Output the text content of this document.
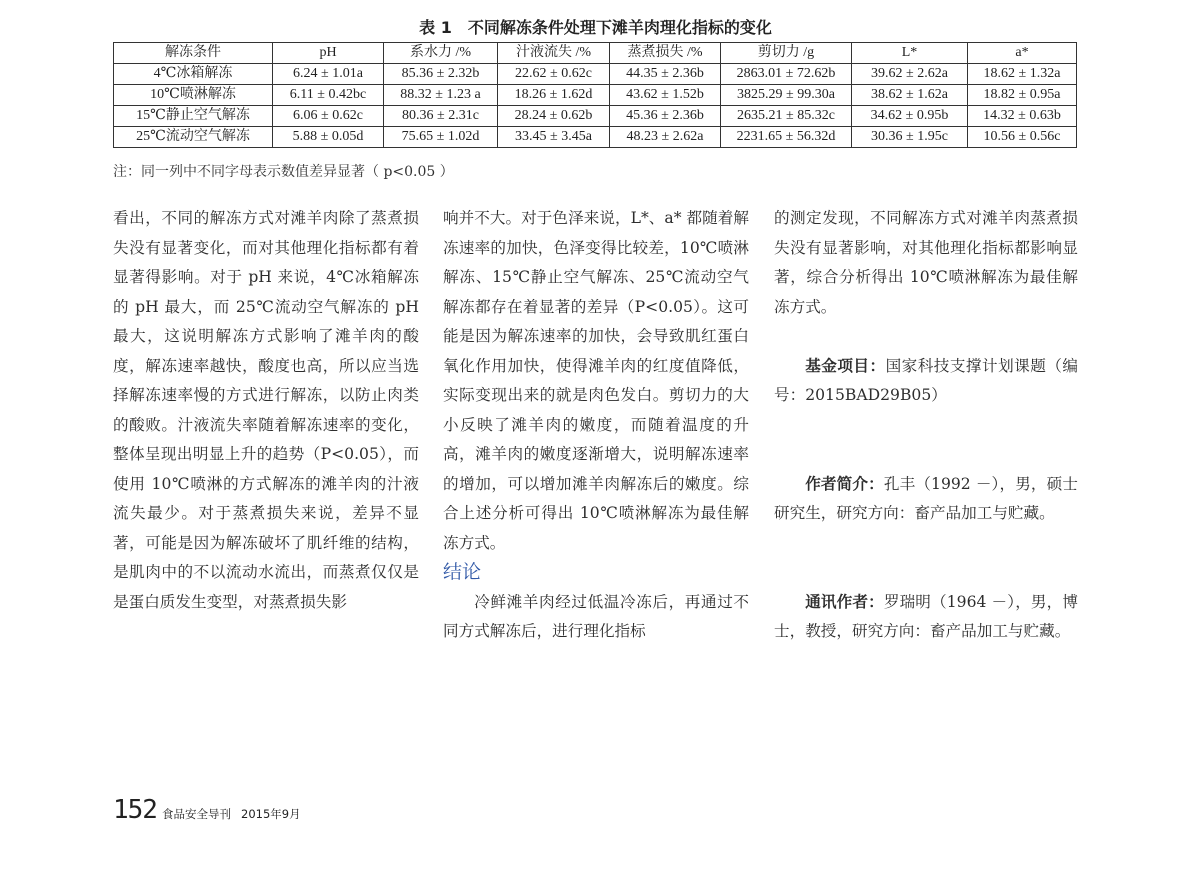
表 1　不同解冻条件处理下滩羊肉理化指标的变化
解冻条件	pH	系水力 /%	汁液流失 /%	蒸煮损失 /%	剪切力 /g	L*	a*
4℃冰箱解冻	6.24 ± 1.01a	85.36 ± 2.32b	22.62 ± 0.62c	44.35 ± 2.36b	2863.01 ± 72.62b	39.62 ± 2.62a	18.62 ± 1.32a
10℃喷淋解冻	6.11 ± 0.42bc	88.32 ± 1.23 a	18.26 ± 1.62d	43.62 ± 1.52b	3825.29 ± 99.30a	38.62 ± 1.62a	18.82 ± 0.95a
15℃静止空气解冻	6.06 ± 0.62c	80.36 ± 2.31c	28.24 ± 0.62b	45.36 ± 2.36b	2635.21 ± 85.32c	34.62 ± 0.95b	14.32 ± 0.63b
25℃流动空气解冻	5.88 ± 0.05d	75.65 ± 1.02d	33.45 ± 3.45a	48.23 ± 2.62a	2231.65 ± 56.32d	30.36 ± 1.95c	10.56 ± 0.56c
注：同一列中不同字母表示数值差异显著（ p<0.05 ）

看出，不同的解冻方式对滩羊肉除了蒸煮损失没有显著变化，而对其他理化指标都有着显著得影响。对于 pH 来说，4℃冰箱解冻的 pH 最大，而 25℃流动空气解冻的 pH 最大，这说明解冻方式影响了滩羊肉的酸度，解冻速率越快，酸度也高，所以应当选择解冻速率慢的方式进行解冻，以防止肉类的酸败。汁液流失率随着解冻速率的变化，整体呈现出明显上升的趋势（P<0.05），而使用 10℃喷淋的方式解冻的滩羊肉的汁液流失最少。对于蒸煮损失来说，差异不显著，可能是因为解冻破坏了肌纤维的结构，是肌肉中的不以流动水流出，而蒸煮仅仅是是蛋白质发生变型，对蒸煮损失影

响并不大。对于色泽来说，L*、a* 都随着解冻速率的加快，色泽变得比较差，10℃喷淋解冻、15℃静止空气解冻、25℃流动空气解冻都存在着显著的差异（P<0.05）。这可能是因为解冻速率的加快，会导致肌红蛋白氧化作用加快，使得滩羊肉的红度值降低，实际变现出来的就是肉色发白。剪切力的大小反映了滩羊肉的嫩度，而随着温度的升高，滩羊肉的嫩度逐渐增大，说明解冻速率的增加，可以增加滩羊肉解冻后的嫩度。综合上述分析可得出 10℃喷淋解冻为最佳解冻方式。

结论

冷鲜滩羊肉经过低温冷冻后，再通过不同方式解冻后，进行理化指标

的测定发现，不同解冻方式对滩羊肉蒸煮损失没有显著影响，对其他理化指标都影响显著，综合分析得出 10℃喷淋解冻为最佳解冻方式。

基金项目：国家科技支撑计划课题（编号：2015BAD29B05）

作者简介：孔丰（1992 －），男，硕士研究生，研究方向：畜产品加工与贮藏。

通讯作者：罗瑞明（1964 －），男，博士，教授，研究方向：畜产品加工与贮藏。

152 食品安全导刊 2015年9月
